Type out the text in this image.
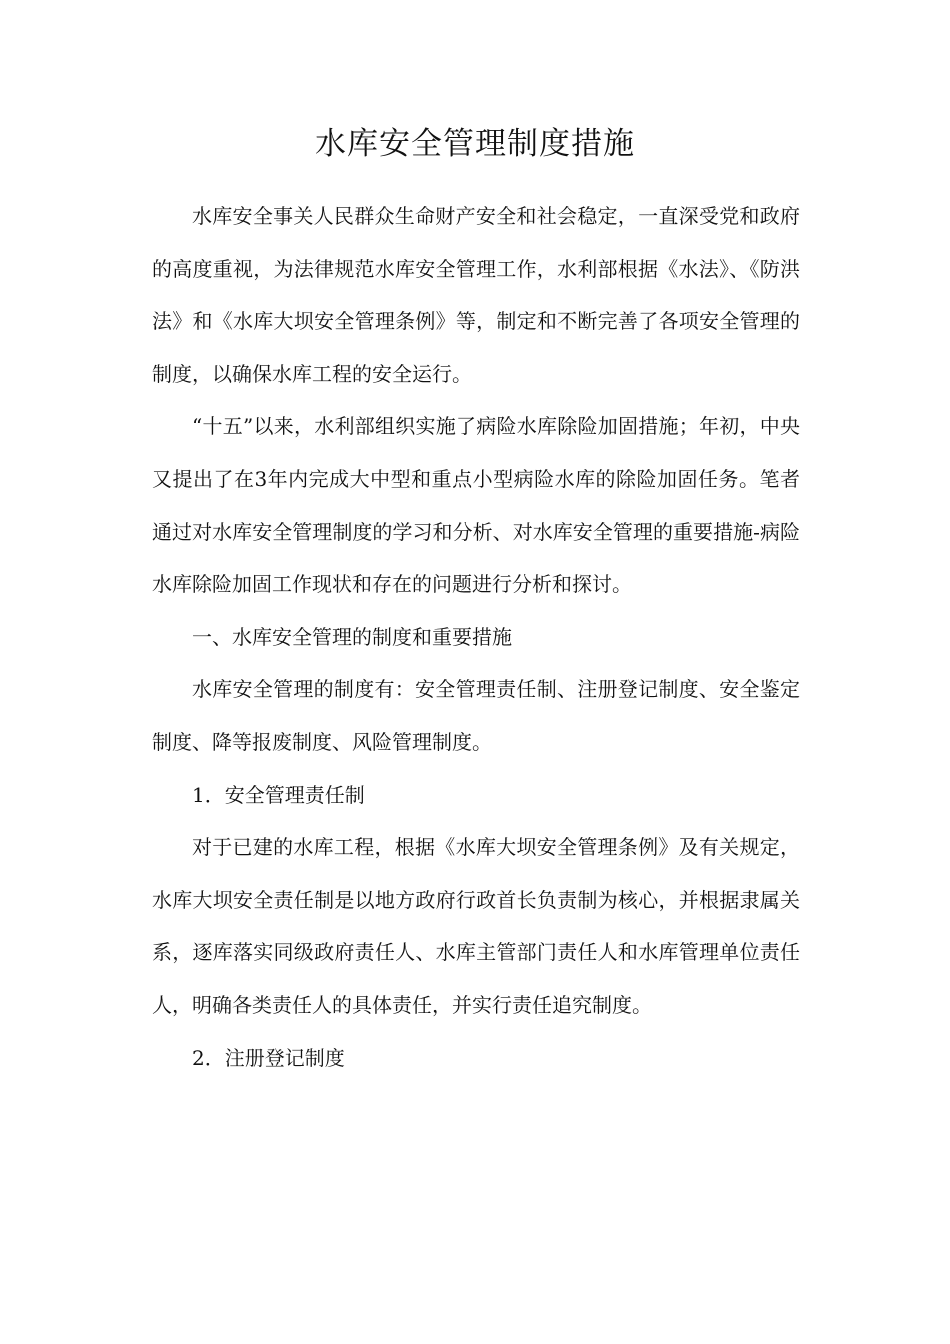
水库安全管理制度措施

水库安全事关人民群众生命财产安全和社会稳定，一直深受党和政府的高度重视，为法律规范水库安全管理工作，水利部根据《水法》、《防洪法》和《水库大坝安全管理条例》等，制定和不断完善了各项安全管理的制度，以确保水库工程的安全运行。

“十五”以来，水利部组织实施了病险水库除险加固措施；年初，中央又提出了在3年内完成大中型和重点小型病险水库的除险加固任务。笔者通过对水库安全管理制度的学习和分析、对水库安全管理的重要措施-病险水库除险加固工作现状和存在的问题进行分析和探讨。

一、水库安全管理的制度和重要措施

水库安全管理的制度有：安全管理责任制、注册登记制度、安全鉴定制度、降等报废制度、风险管理制度。

1．安全管理责任制

对于已建的水库工程，根据《水库大坝安全管理条例》及有关规定，水库大坝安全责任制是以地方政府行政首长负责制为核心，并根据隶属关系，逐库落实同级政府责任人、水库主管部门责任人和水库管理单位责任人，明确各类责任人的具体责任，并实行责任追究制度。

2．注册登记制度
